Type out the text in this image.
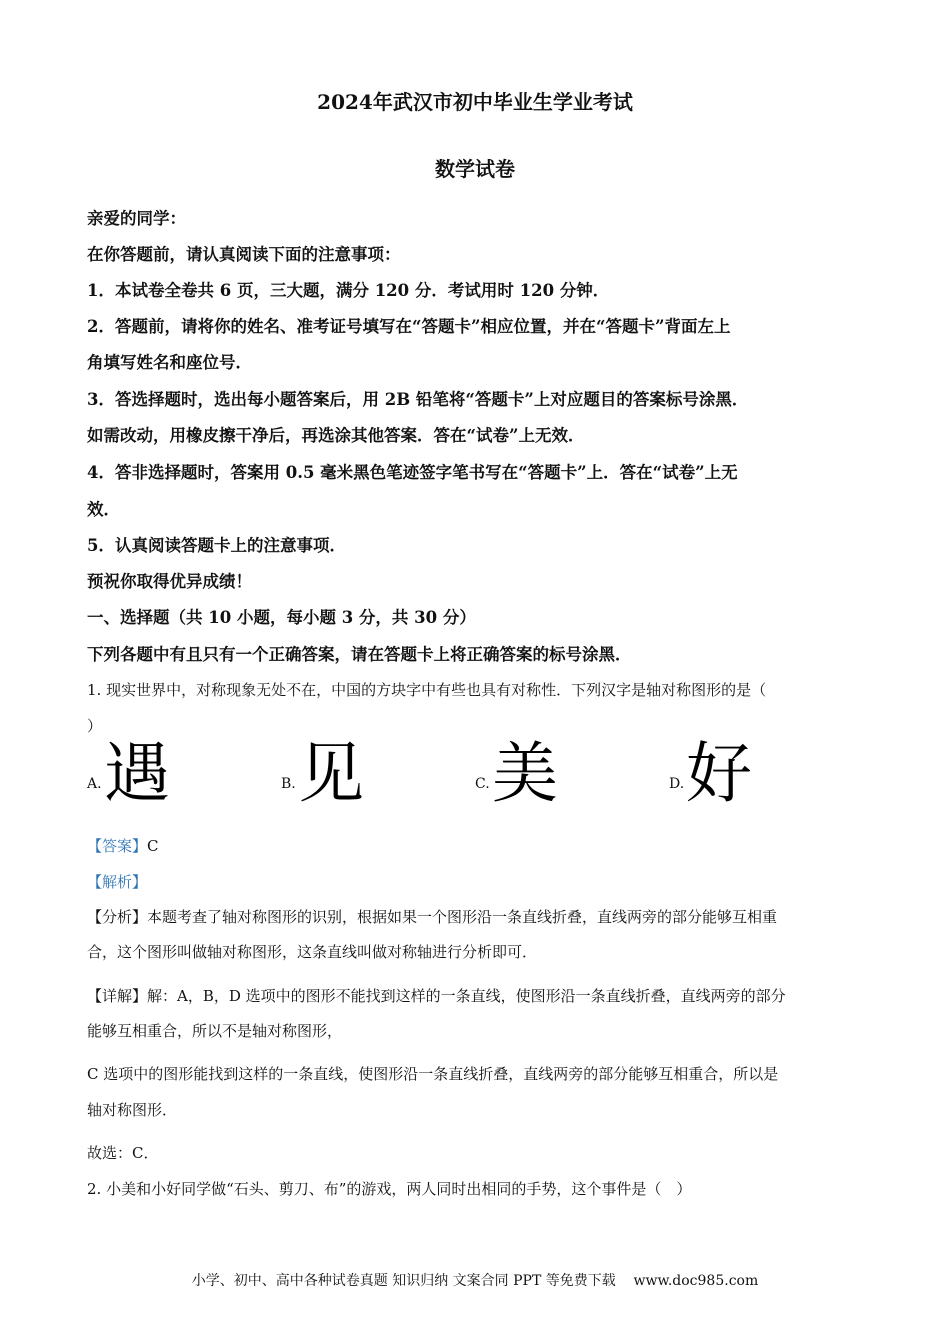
2024年武汉市初中毕业生学业考试
数学试卷
亲爱的同学：
在你答题前，请认真阅读下面的注意事项：
1．本试卷全卷共 6 页，三大题，满分 120 分．考试用时 120 分钟．
2．答题前，请将你的姓名、准考证号填写在“答题卡”相应位置，并在“答题卡”背面左上
角填写姓名和座位号．
3．答选择题时，选出每小题答案后，用 2B 铅笔将“答题卡”上对应题目的答案标号涂黑．
如需改动，用橡皮擦干净后，再选涂其他答案．答在“试卷”上无效．
4．答非选择题时，答案用 0.5 毫米黑色笔迹签字笔书写在“答题卡”上．答在“试卷”上无
效．
5．认真阅读答题卡上的注意事项．
预祝你取得优异成绩！
一、选择题（共 10 小题，每小题 3 分，共 30 分）
下列各题中有且只有一个正确答案，请在答题卡上将正确答案的标号涂黑．
1. 现实世界中，对称现象无处不在，中国的方块字中有些也具有对称性．下列汉字是轴对称图形的是（
）
A. 遇	B. 见	C. 美	D. 好
【答案】C
【解析】
【分析】本题考查了轴对称图形的识别，根据如果一个图形沿一条直线折叠，直线两旁的部分能够互相重
合，这个图形叫做轴对称图形，这条直线叫做对称轴进行分析即可．
【详解】解：A，B，D 选项中的图形不能找到这样的一条直线，使图形沿一条直线折叠，直线两旁的部分
能够互相重合，所以不是轴对称图形，
C 选项中的图形能找到这样的一条直线，使图形沿一条直线折叠，直线两旁的部分能够互相重合，所以是
轴对称图形．
故选：C．
2. 小美和小好同学做“石头、剪刀、布”的游戏，两人同时出相同的手势，这个事件是（　）
小学、初中、高中各种试卷真题 知识归纳 文案合同 PPT 等免费下载 www.doc985.com
